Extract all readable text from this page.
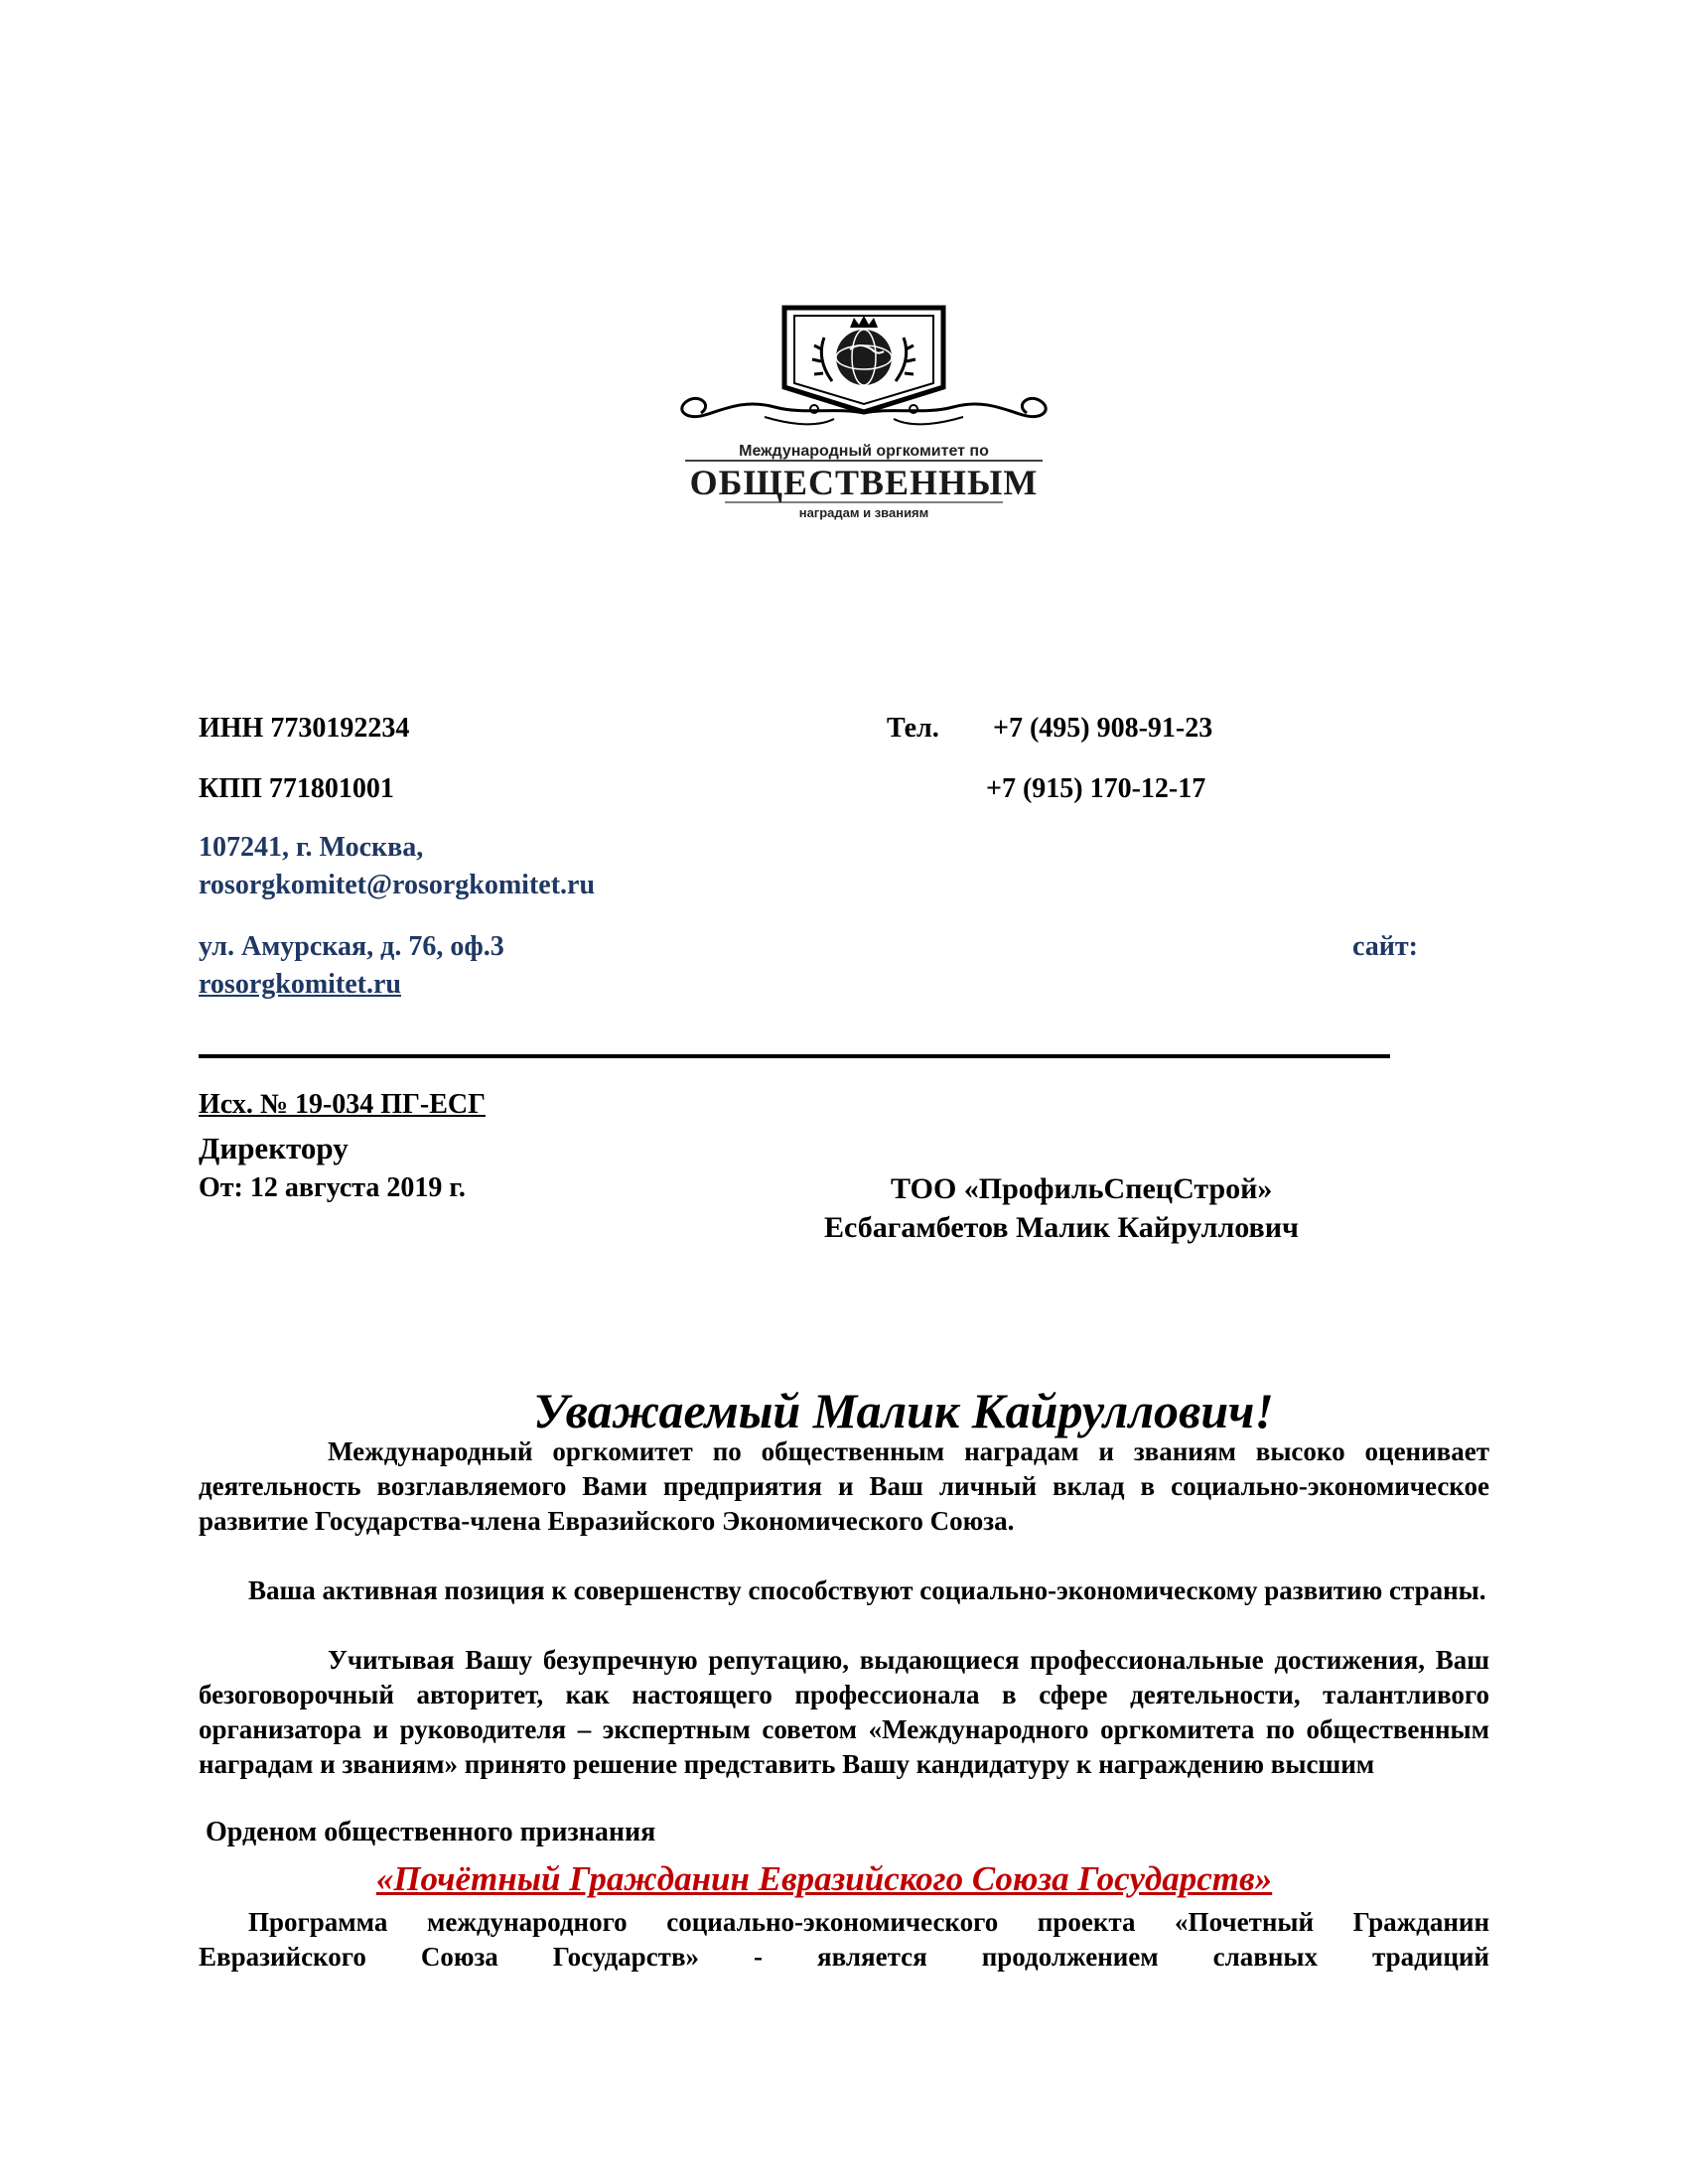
Международный оргкомитет по
ОБЩЕСТВЕННЫМ
наградам и званиям
ИНН 7730192234	Тел. +7 (495) 908-91-23
КПП 771801001	+7 (915) 170-12-17
107241, г. Москва,
rosorgkomitet@rosorgkomitet.ru
ул. Амурская, д. 76, оф.3	сайт:
rosorgkomitet.ru
Исх. № 19-034 ПГ-ЕСГ
Директору
От: 12 августа 2019 г.	ТОО «ПрофильСпецСтрой»
Есбагамбетов Малик Кайруллович
Уважаемый Малик Кайруллович!

Международный оргкомитет по общественным наградам и званиям высоко оценивает деятельность возглавляемого Вами предприятия и Ваш личный вклад в социально-экономическое развитие Государства-члена Евразийского Экономического Союза.

Ваша активная позиция к совершенству способствуют социально-экономическому развитию страны.

Учитывая Вашу безупречную репутацию, выдающиеся профессиональные достижения, Ваш безоговорочный авторитет, как настоящего профессионала в сфере деятельности, талантливого организатора и руководителя – экспертным советом «Международного оргкомитета по общественным наградам и званиям» принято решение представить Вашу кандидатуру к награждению высшим

Орденом общественного признания
«Почётный Гражданин Евразийского Союза Государств»

Программа международного социально-экономического проекта «Почетный Гражданин Евразийского Союза Государств» - является продолжением славных традиций
